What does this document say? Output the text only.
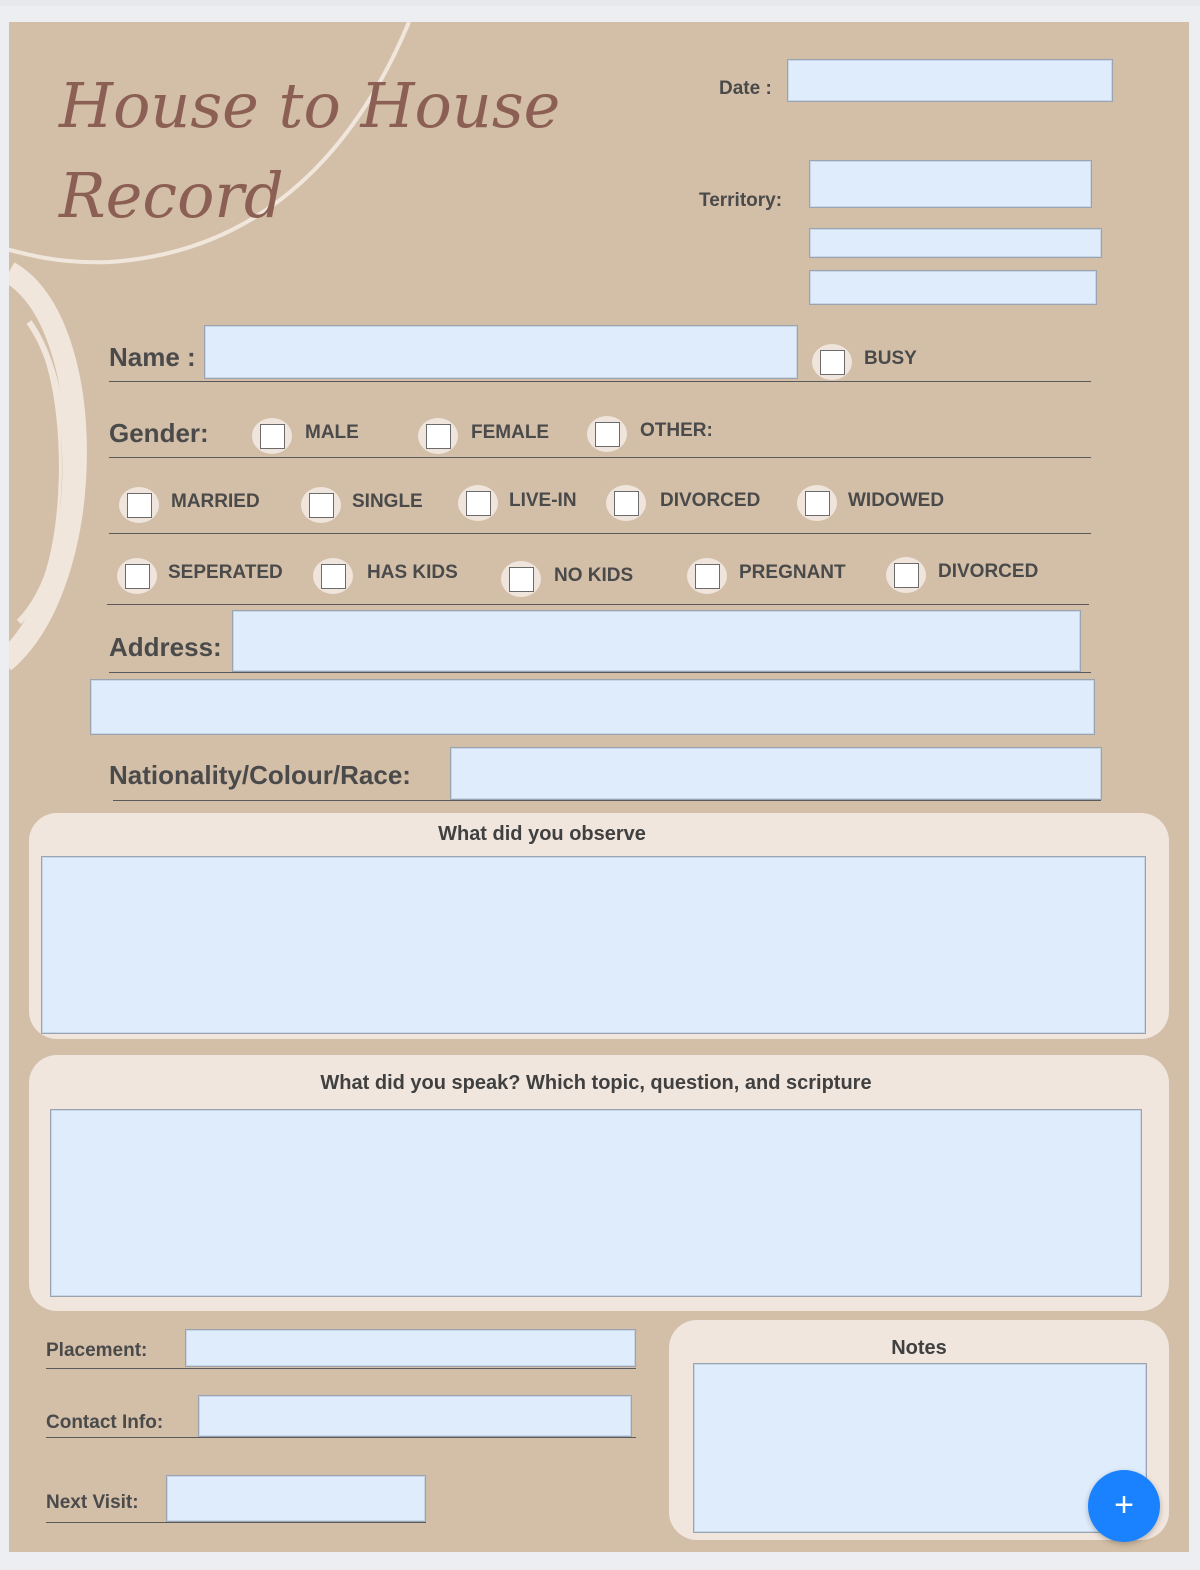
House to House
Record
Date :
Territory:
Name :	BUSY
Gender:	MALE	FEMALE	OTHER:
MARRIED	SINGLE	LIVE-IN	DIVORCED	WIDOWED
SEPERATED	HAS KIDS	NO KIDS	PREGNANT	DIVORCED
Address:
Nationality/Colour/Race:
What did you observe
What did you speak? Which topic, question, and scripture
Placement:
Contact Info:
Next Visit:
Notes
+
